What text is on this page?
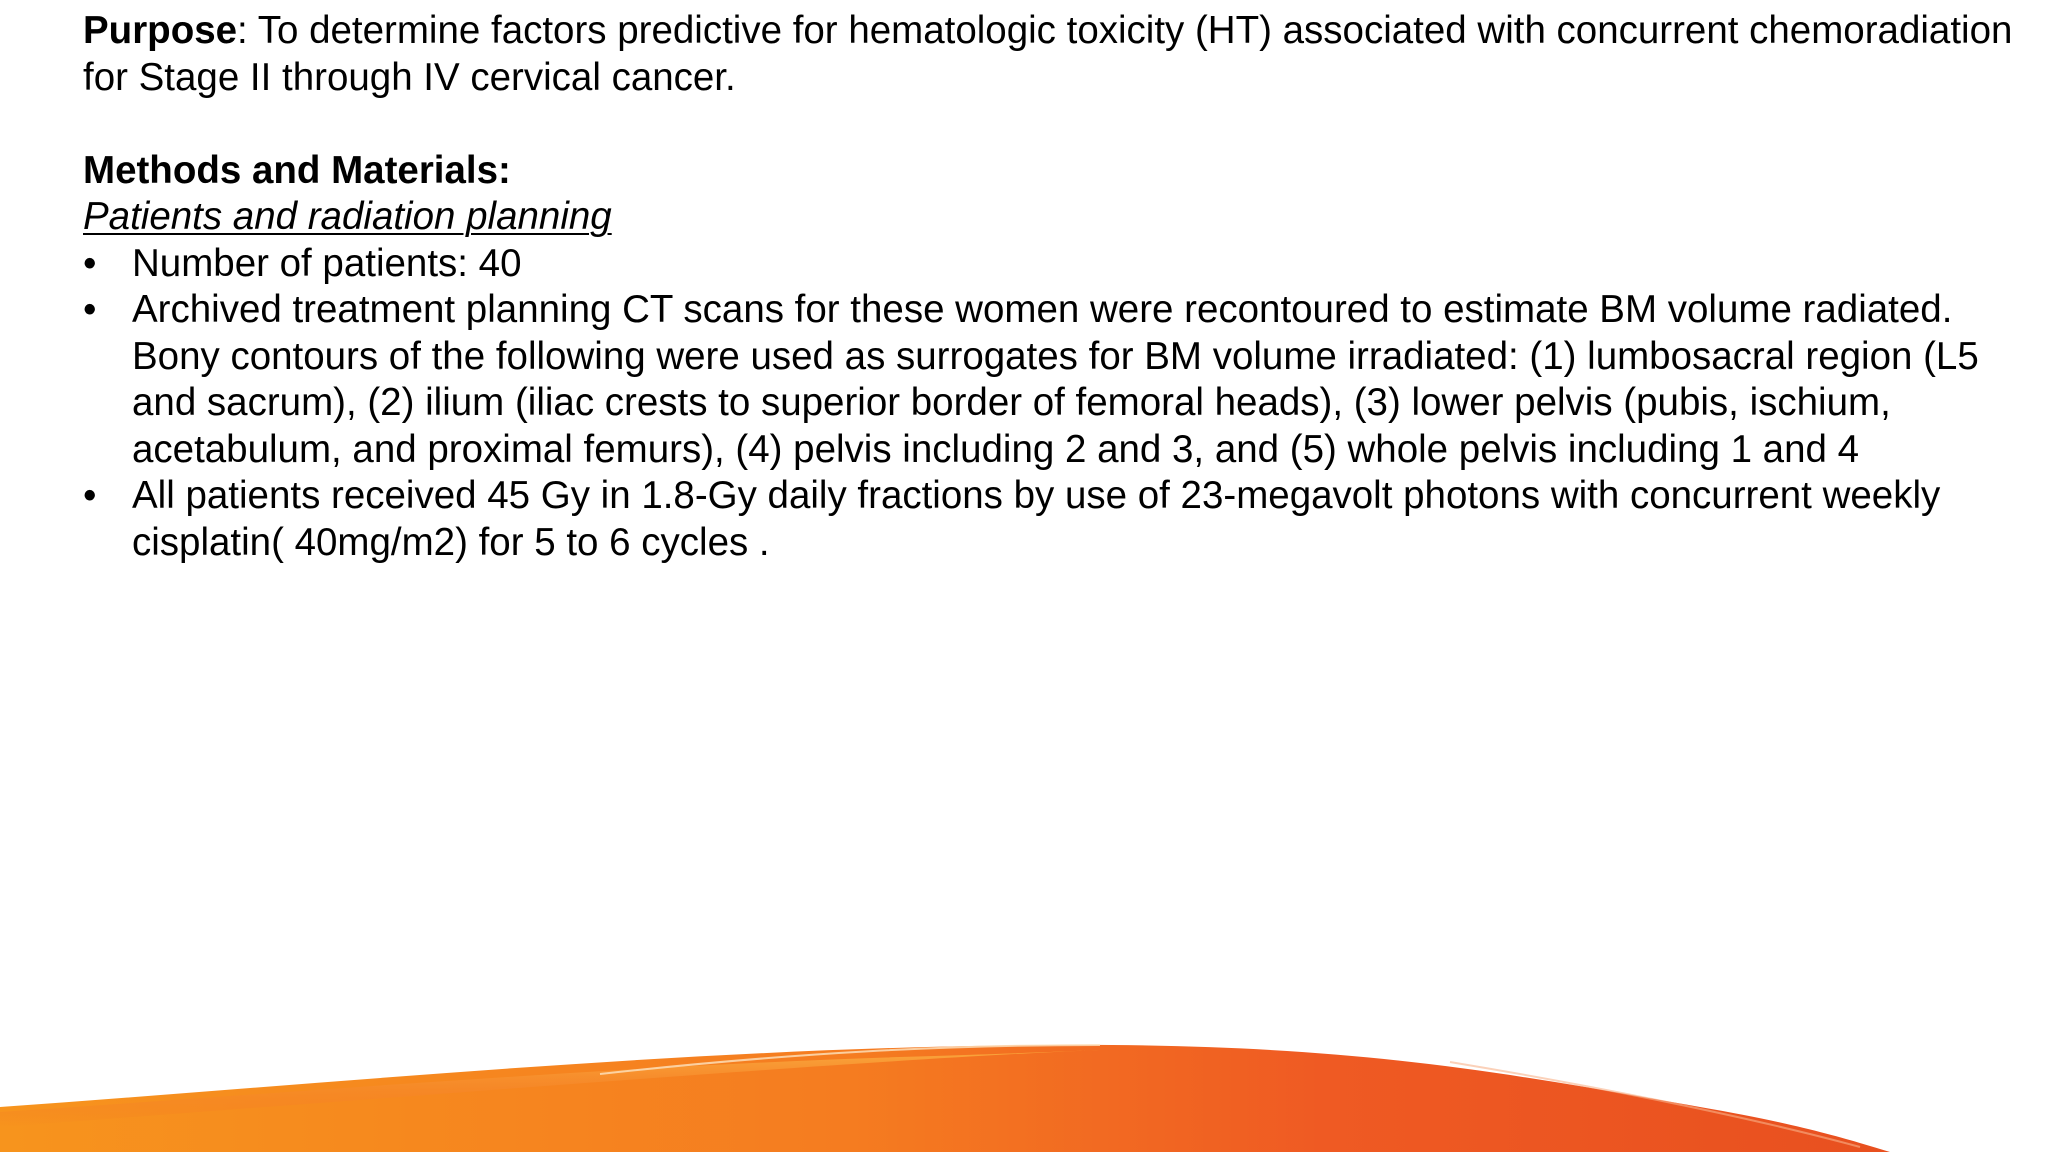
Purpose: To determine factors predictive for hematologic toxicity (HT) associated with concurrent chemoradiation for Stage II through IV cervical cancer.

Methods and Materials:
Patients and radiation planning
• Number of patients: 40
• Archived treatment planning CT scans for these women were recontoured to estimate BM volume radiated. Bony contours of the following were used as surrogates for BM volume irradiated: (1) lumbosacral region (L5 and sacrum), (2) ilium (iliac crests to superior border of femoral heads), (3) lower pelvis (pubis, ischium, acetabulum, and proximal femurs), (4) pelvis including 2 and 3, and (5) whole pelvis including 1 and 4
• All patients received 45 Gy in 1.8-Gy daily fractions by use of 23-megavolt photons with concurrent weekly cisplatin( 40mg/m2) for 5 to 6 cycles .
